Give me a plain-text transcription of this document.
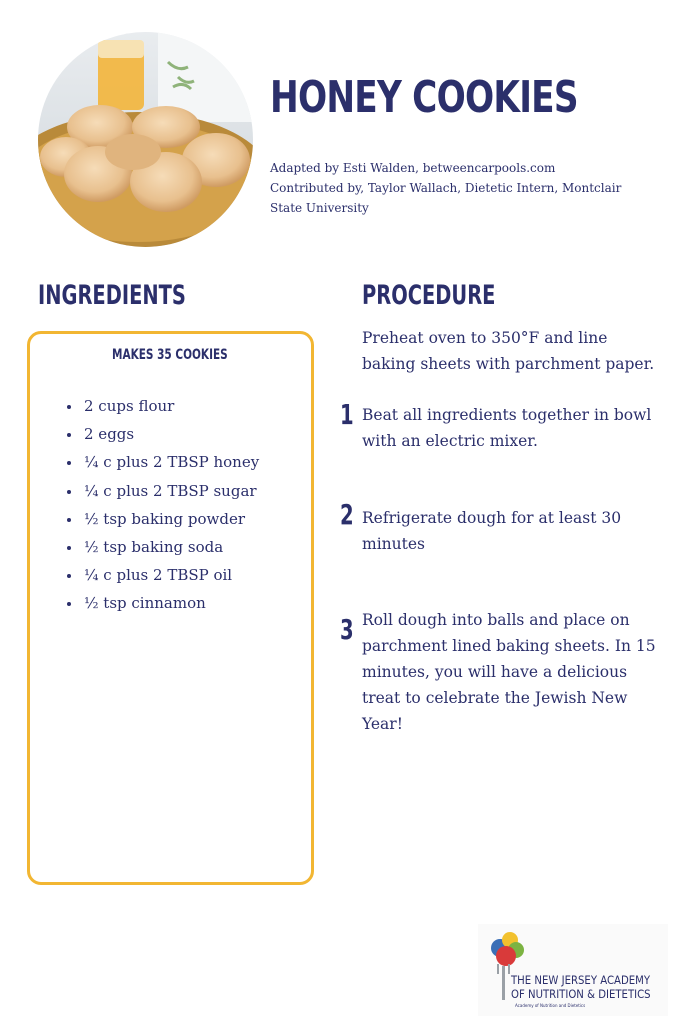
HONEY COOKIES
Adapted by Esti Walden, betweencarpools.com
Contributed by, Taylor Wallach, Dietetic Intern, Montclair State University
INGREDIENTS
MAKES 35 COOKIES
• 2 cups flour
• 2 eggs
• ¼ c plus 2 TBSP honey
• ¼ c plus 2 TBSP sugar
• ½ tsp baking powder
• ½ tsp baking soda
• ¼ c plus 2 TBSP oil
• ½ tsp cinnamon
PROCEDURE
Preheat oven to 350°F and line baking sheets with parchment paper.
1 Beat all ingredients together in bowl with an electric mixer.
2 Refrigerate dough for at least 30 minutes
3 Roll dough into balls and place on parchment lined baking sheets. In 15 minutes, you will have a delicious treat to celebrate the Jewish New Year!
THE NEW JERSEY ACADEMY
OF NUTRITION & DIETETICS
Academy of Nutrition and Dietetics
